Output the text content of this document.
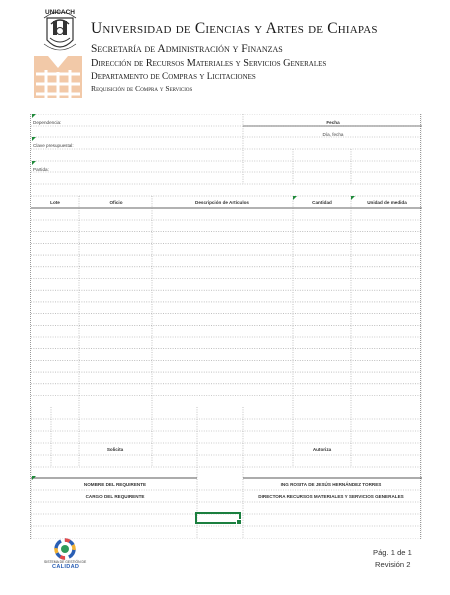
UNICACH
Universidad de Ciencias y Artes de Chiapas
Secretaría de Administración y Finanzas
Dirección de Recursos Materiales y Servicios Generales
Departamento de Compras y Licitaciones
Requisición de Compra y Servicios
Dependencia:	Fecha
Día, fecha
Clave presupuestal:
Partida:
Lote	Oficio	Descripción de Artículos	Cantidad	Unidad de medida
Solicita	Autoriza
NOMBRE DEL REQUIRENTE	ING ROSITA DE JESÚS HERNÁNDEZ TORRES
CARGO DEL REQUIRENTE	DIRECTORA RECURSOS MATERIALES Y SERVICIOS GENERALES
SISTEMA DE GESTIÓN DE
CALIDAD
Pág. 1 de 1
Revisión 2
